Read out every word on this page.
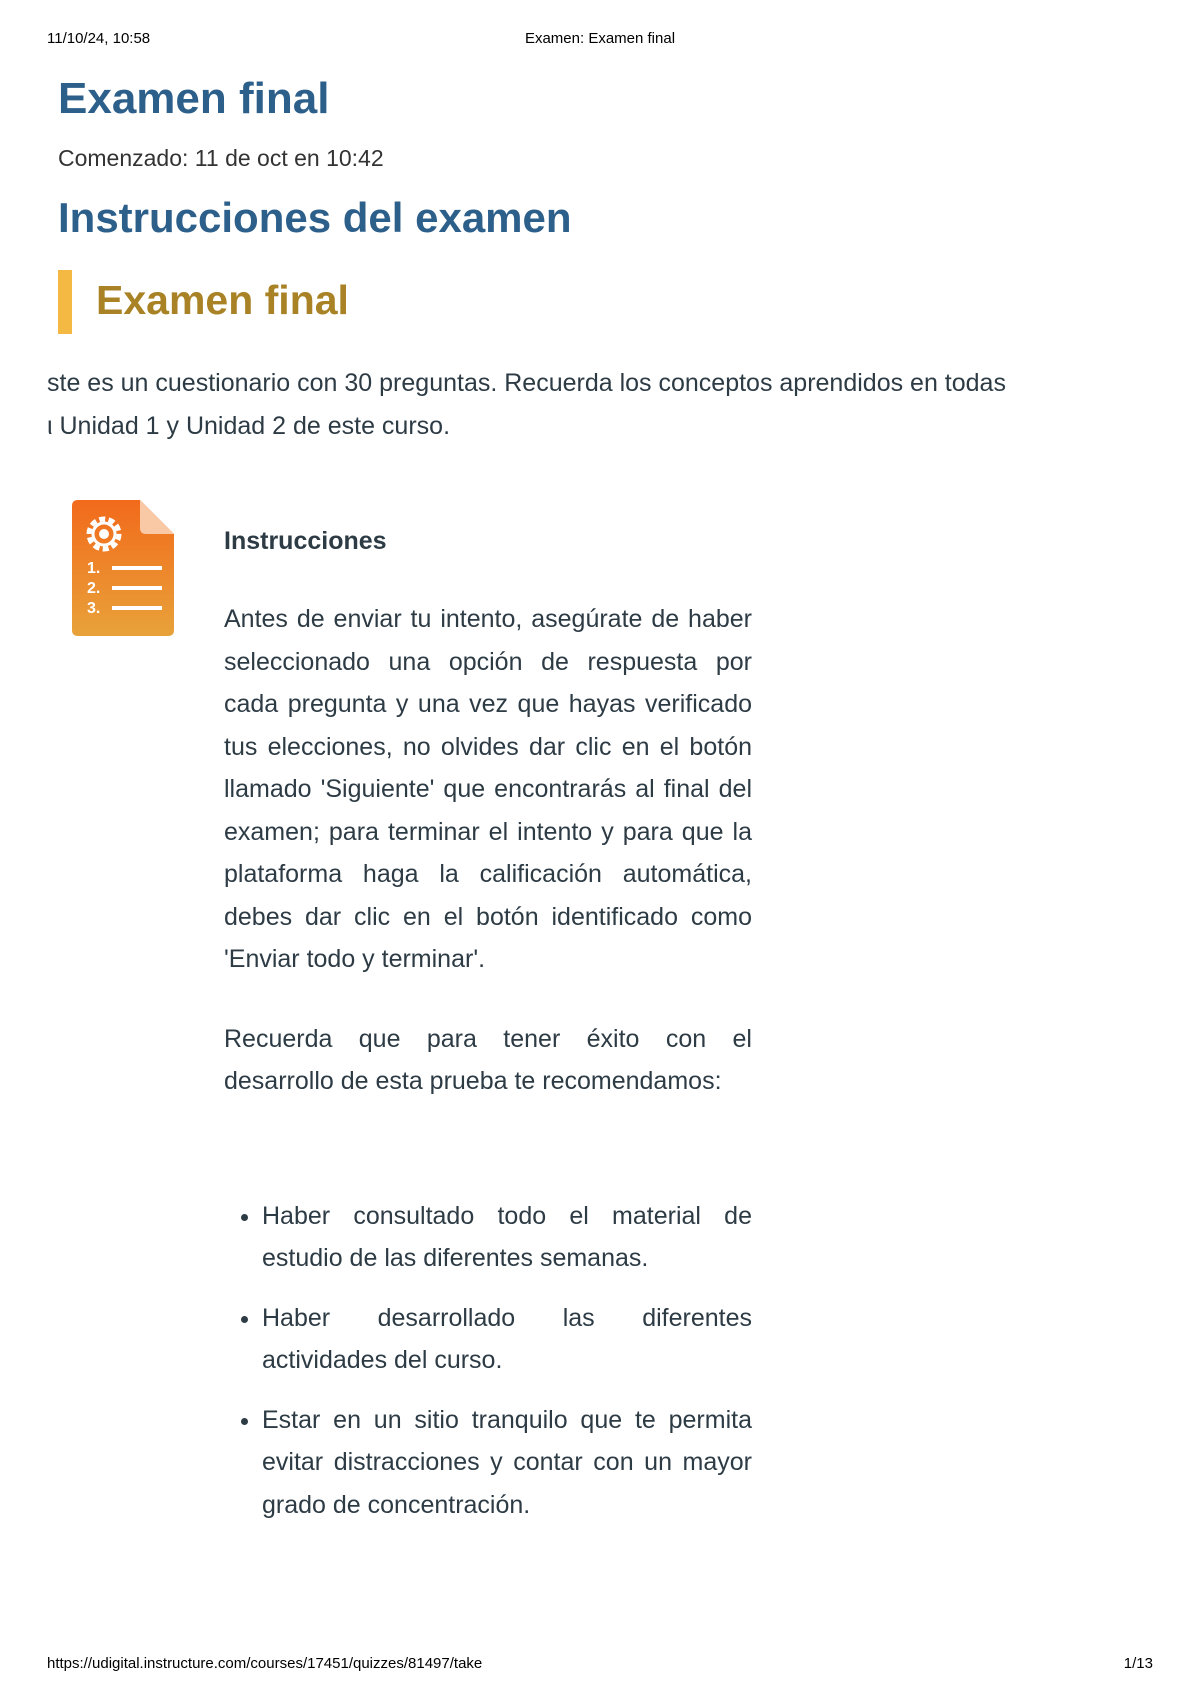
11/10/24, 10:58	Examen: Examen final
Examen final
Comenzado: 11 de oct en 10:42
Instrucciones del examen
Examen final
ste es un cuestionario con 30 preguntas. Recuerda los conceptos aprendidos en todas
ι Unidad 1 y Unidad 2 de este curso.
1.
2.
3.
Instrucciones

Antes de enviar tu intento, asegúrate de haber seleccionado una opción de respuesta por cada pregunta y una vez que hayas verificado tus elecciones, no olvides dar clic en el botón llamado 'Siguiente' que encontrarás al final del examen; para terminar el intento y para que la plataforma haga la calificación automática, debes dar clic en el botón identificado como 'Enviar todo y terminar'.

Recuerda que para tener éxito con el desarrollo de esta prueba te recomendamos:

• Haber consultado todo el material de estudio de las diferentes semanas.
• Haber desarrollado las diferentes actividades del curso.
• Estar en un sitio tranquilo que te permita evitar distracciones y contar con un mayor grado de concentración.
https://udigital.instructure.com/courses/17451/quizzes/81497/take	1/13
